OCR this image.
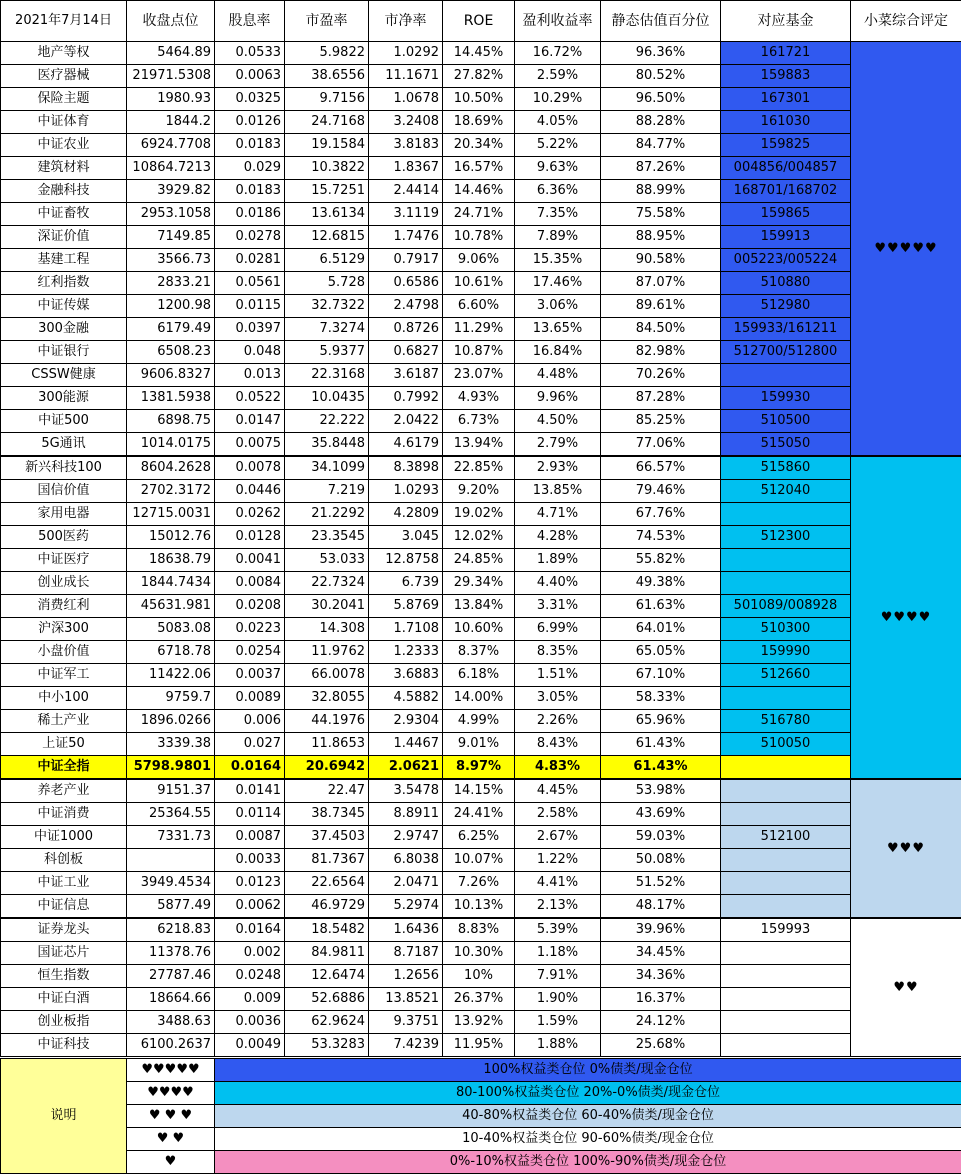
2021年7月14日	收盘点位	股息率	市盈率	市净率	ROE	盈利收益率	静态估值百分位	对应基金	小菜综合评定
地产等权	5464.89	0.0533	5.9822	1.0292	14.45%	16.72%	96.36%	161721	♥♥♥♥♥
医疗器械	21971.5308	0.0063	38.6556	11.1671	27.82%	2.59%	80.52%	159883	
保险主题	1980.93	0.0325	9.7156	1.0678	10.50%	10.29%	96.50%	167301	
中证体育	1844.2	0.0126	24.7168	3.2408	18.69%	4.05%	88.28%	161030	
中证农业	6924.7708	0.0183	19.1584	3.8183	20.34%	5.22%	84.77%	159825	
建筑材料	10864.7213	0.029	10.3822	1.8367	16.57%	9.63%	87.26%	004856/004857	
金融科技	3929.82	0.0183	15.7251	2.4414	14.46%	6.36%	88.99%	168701/168702	
中证畜牧	2953.1058	0.0186	13.6134	3.1119	24.71%	7.35%	75.58%	159865	
深证价值	7149.85	0.0278	12.6815	1.7476	10.78%	7.89%	88.95%	159913	
基建工程	3566.73	0.0281	6.5129	0.7917	9.06%	15.35%	90.58%	005223/005224	
红利指数	2833.21	0.0561	5.728	0.6586	10.61%	17.46%	87.07%	510880	
中证传媒	1200.98	0.0115	32.7322	2.4798	6.60%	3.06%	89.61%	512980	
300金融	6179.49	0.0397	7.3274	0.8726	11.29%	13.65%	84.50%	159933/161211	
中证银行	6508.23	0.048	5.9377	0.6827	10.87%	16.84%	82.98%	512700/512800	
CSSW健康	9606.8327	0.013	22.3168	3.6187	23.07%	4.48%	70.26%		
300能源	1381.5938	0.0522	10.0435	0.7992	4.93%	9.96%	87.28%	159930	
中证500	6898.75	0.0147	22.222	2.0422	6.73%	4.50%	85.25%	510500	
5G通讯	1014.0175	0.0075	35.8448	4.6179	13.94%	2.79%	77.06%	515050	
新兴科技100	8604.2628	0.0078	34.1099	8.3898	22.85%	2.93%	66.57%	515860	♥♥♥♥
国信价值	2702.3172	0.0446	7.219	1.0293	9.20%	13.85%	79.46%	512040	
家用电器	12715.0031	0.0262	21.2292	4.2809	19.02%	4.71%	67.76%		
500医药	15012.76	0.0128	23.3545	3.045	12.02%	4.28%	74.53%	512300	
中证医疗	18638.79	0.0041	53.033	12.8758	24.85%	1.89%	55.82%		
创业成长	1844.7434	0.0084	22.7324	6.739	29.34%	4.40%	49.38%		
消费红利	45631.981	0.0208	30.2041	5.8769	13.84%	3.31%	61.63%	501089/008928	
沪深300	5083.08	0.0223	14.308	1.7108	10.60%	6.99%	64.01%	510300	
小盘价值	6718.78	0.0254	11.9762	1.2333	8.37%	8.35%	65.05%	159990	
中证军工	11422.06	0.0037	66.0078	3.6883	6.18%	1.51%	67.10%	512660	
中小100	9759.7	0.0089	32.8055	4.5882	14.00%	3.05%	58.33%		
稀土产业	1896.0266	0.006	44.1976	2.9304	4.99%	2.26%	65.96%	516780	
上证50	3339.38	0.027	11.8653	1.4467	9.01%	8.43%	61.43%	510050	
中证全指	5798.9801	0.0164	20.6942	2.0621	8.97%	4.83%	61.43%		
养老产业	9151.37	0.0141	22.47	3.5478	14.15%	4.45%	53.98%		♥♥♥
中证消费	25364.55	0.0114	38.7345	8.8911	24.41%	2.58%	43.69%		
中证1000	7331.73	0.0087	37.4503	2.9747	6.25%	2.67%	59.03%	512100	
科创板		0.0033	81.7367	6.8038	10.07%	1.22%	50.08%		
中证工业	3949.4534	0.0123	22.6564	2.0471	7.26%	4.41%	51.52%		
中证信息	5877.49	0.0062	46.9729	5.2974	10.13%	2.13%	48.17%		
证券龙头	6218.83	0.0164	18.5482	1.6436	8.83%	5.39%	39.96%	159993	♥♥
国证芯片	11378.76	0.002	84.9811	8.7187	10.30%	1.18%	34.45%		
恒生指数	27787.46	0.0248	12.6474	1.2656	10%	7.91%	34.36%		
中证白酒	18664.66	0.009	52.6886	13.8521	26.37%	1.90%	16.37%		
创业板指	3488.63	0.0036	62.9624	9.3751	13.92%	1.59%	24.12%		
中证科技	6100.2637	0.0049	53.3283	7.4239	11.95%	1.88%	25.68%		
说明	♥♥♥♥♥	100%权益类仓位 0%债类/现金仓位
	♥♥♥♥	80-100%权益类仓位 20%-0%债类/现金仓位
	♥ ♥ ♥	40-80%权益类仓位 60-40%债类/现金仓位
	♥ ♥	10-40%权益类仓位 90-60%债类/现金仓位
	♥	0%-10%权益类仓位 100%-90%债类/现金仓位
